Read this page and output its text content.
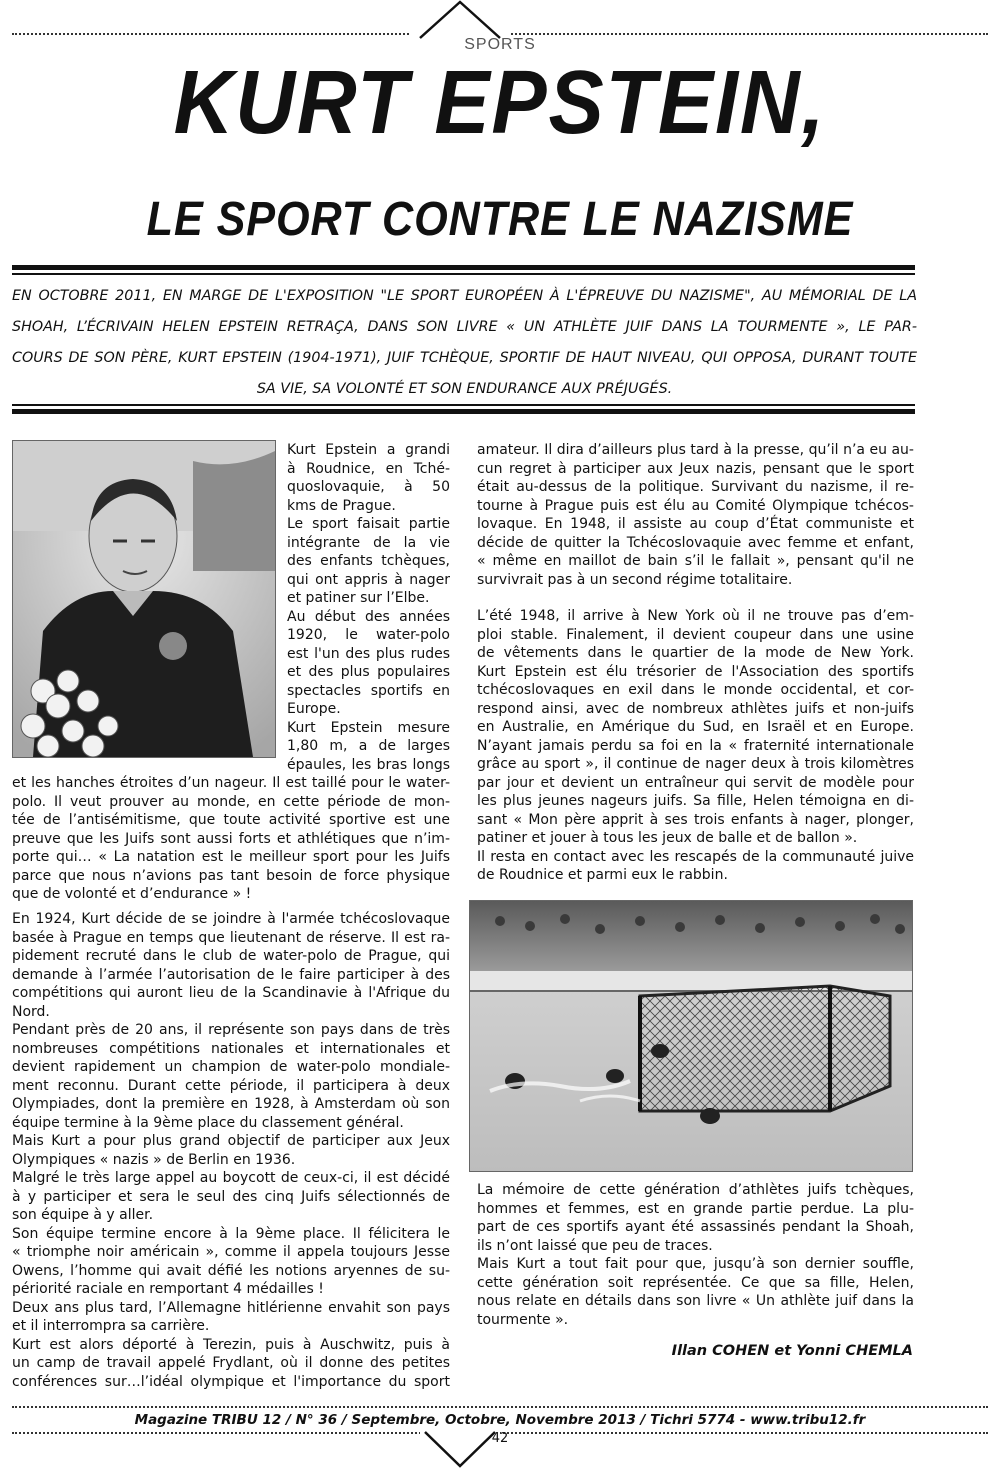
SPORTS
KURT EPSTEIN,
LE SPORT CONTRE LE NAZISME

EN OCTOBRE 2011, EN MARGE DE L'EXPOSITION "LE SPORT EUROPÉEN À L'ÉPREUVE DU NAZISME", AU MÉMORIAL DE LA

SHOAH, L’ÉCRIVAIN HELEN EPSTEIN RETRAÇA, DANS SON LIVRE « UN ATHLÈTE JUIF DANS LA TOURMENTE », LE PAR-

COURS DE SON PÈRE, KURT EPSTEIN (1904-1971), JUIF TCHÈQUE, SPORTIF DE HAUT NIVEAU, QUI OPPOSA, DURANT TOUTE

SA VIE, SA VOLONTÉ ET SON ENDURANCE AUX PRÉJUGÉS.

Kurt Epstein a grandi

à Roudnice, en Tché-

quoslovaquie, à 50

kms de Prague.

Le sport faisait partie

intégrante de la vie

des enfants tchèques,

qui ont appris à nager

et patiner sur l’Elbe.

Au début des années

1920, le water-polo

est l'un des plus rudes

et des plus populaires

spectacles sportifs en

Europe.

Kurt Epstein mesure

1,80 m, a de larges

épaules, les bras longs

et les hanches étroites d’un nageur. Il est taillé pour le water-

polo. Il veut prouver au monde, en cette période de mon-

tée de l’antisémitisme, que toute activité sportive est une

preuve que les Juifs sont aussi forts et athlétiques que n’im-

porte qui… « La natation est le meilleur sport pour les Juifs

parce que nous n’avions pas tant besoin de force physique

que de volonté et d’endurance » !

En 1924, Kurt décide de se joindre à l'armée tchécoslovaque

basée à Prague en temps que lieutenant de réserve. Il est ra-

pidement recruté dans le club de water-polo de Prague, qui

demande à l’armée l’autorisation de le faire participer à des

compétitions qui auront lieu de la Scandinavie à l'Afrique du

Nord.

Pendant près de 20 ans, il représente son pays dans de très

nombreuses compétitions nationales et internationales et

devient rapidement un champion de water-polo mondiale-

ment reconnu. Durant cette période, il participera à deux

Olympiades, dont la première en 1928, à Amsterdam où son

équipe termine à la 9ème place du classement général.

Mais Kurt a pour plus grand objectif de participer aux Jeux

Olympiques « nazis » de Berlin en 1936.

Malgré le très large appel au boycott de ceux-ci, il est décidé

à y participer et sera le seul des cinq Juifs sélectionnés de

son équipe à y aller.

Son équipe termine encore à la 9ème place. Il félicitera le

« triomphe noir américain », comme il appela toujours Jesse

Owens, l’homme qui avait défié les notions aryennes de su-

périorité raciale en remportant 4 médailles !

Deux ans plus tard, l’Allemagne hitlérienne envahit son pays

et il interrompra sa carrière.

Kurt est alors déporté à Terezin, puis à Auschwitz, puis à

un camp de travail appelé Frydlant, où il donne des petites

conférences sur…l’idéal olympique et l'importance du sport

amateur. Il dira d’ailleurs plus tard à la presse, qu’il n’a eu au-

cun regret à participer aux Jeux nazis, pensant que le sport

était au-dessus de la politique. Survivant du nazisme, il re-

tourne à Prague puis est élu au Comité Olympique tchécos-

lovaque. En 1948, il assiste au coup d’État communiste et

décide de quitter la Tchécoslovaquie avec femme et enfant,

« même en maillot de bain s’il le fallait », pensant qu'il ne

survivrait pas à un second régime totalitaire.

L’été 1948, il arrive à New York où il ne trouve pas d’em-

ploi stable. Finalement, il devient coupeur dans une usine

de vêtements dans le quartier de la mode de New York.

Kurt Epstein est élu trésorier de l'Association des sportifs

tchécoslovaques en exil dans le monde occidental, et cor-

respond ainsi, avec de nombreux athlètes juifs et non-juifs

en Australie, en Amérique du Sud, en Israël et en Europe.

N’ayant jamais perdu sa foi en la « fraternité internationale

grâce au sport », il continue de nager deux à trois kilomètres

par jour et devient un entraîneur qui servit de modèle pour

les plus jeunes nageurs juifs. Sa fille, Helen témoigna en di-

sant « Mon père apprit à ses trois enfants à nager, plonger,

patiner et jouer à tous les jeux de balle et de ballon ».

Il resta en contact avec les rescapés de la communauté juive

de Roudnice et parmi eux le rabbin.

La mémoire de cette génération d’athlètes juifs tchèques,

hommes et femmes, est en grande partie perdue. La plu-

part de ces sportifs ayant été assassinés pendant la Shoah,

ils n’ont laissé que peu de traces.

Mais Kurt a tout fait pour que, jusqu’à son dernier souffle,

cette génération soit représentée. Ce que sa fille, Helen,

nous relate en détails dans son livre « Un athlète juif dans la

tourmente ».

Illan COHEN et Yonni CHEMLA
Magazine TRIBU 12 / N° 36 / Septembre, Octobre, Novembre 2013 / Tichri 5774 - www.tribu12.fr
42
